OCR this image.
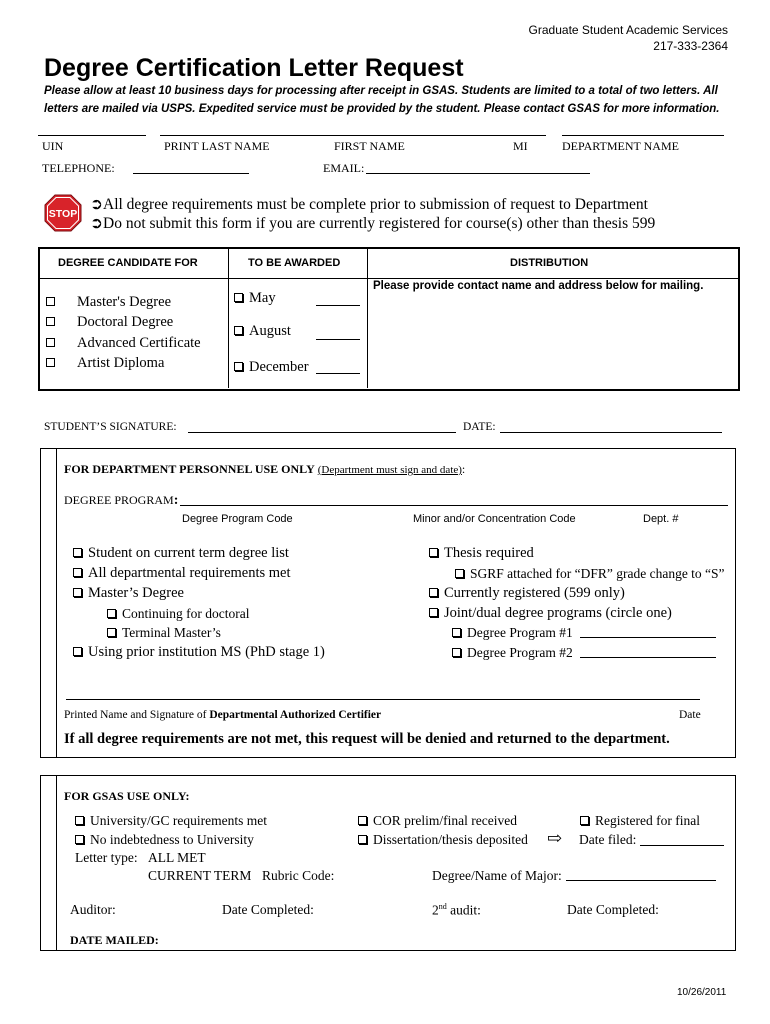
Graduate Student Academic Services
217-333-2364
Degree Certification Letter Request
Please allow at least 10 business days for processing after receipt in GSAS. Students are limited to a total of two letters. All letters are mailed via USPS. Expedited service must be provided by the student. Please contact GSAS for more information.
UIN	PRINT LAST NAME	FIRST NAME	MI	DEPARTMENT NAME
TELEPHONE:	EMAIL:
STOP
➲All degree requirements must be complete prior to submission of request to Department
➲Do not submit this form if you are currently registered for course(s) other than thesis 599
DEGREE CANDIDATE FOR	TO BE AWARDED	DISTRIBUTION
Master's Degree
Doctoral Degree
Advanced Certificate
Artist Diploma
May
August
December
Please provide contact name and address below for mailing.
STUDENT’S SIGNATURE:	DATE:
FOR DEPARTMENT PERSONNEL USE ONLY (Department must sign and date):
DEGREE PROGRAM:
Degree Program Code	Minor and/or Concentration Code	Dept. #
Student on current term degree list
All departmental requirements met
Master’s Degree
Continuing for doctoral
Terminal Master’s
Using prior institution MS (PhD stage 1)
Thesis required
SGRF attached for “DFR” grade change to “S”
Currently registered (599 only)
Joint/dual degree programs (circle one)
Degree Program #1
Degree Program #2
Printed Name and Signature of Departmental Authorized Certifier	Date
If all degree requirements are not met, this request will be denied and returned to the department.
FOR GSAS USE ONLY:
University/GC requirements met
No indebtedness to University
Letter type: ALL MET
CURRENT TERM Rubric Code:
COR prelim/final received
Dissertation/thesis deposited ⇨
Registered for final
Date filed:
Degree/Name of Major:
Auditor:	Date Completed:	2nd audit:	Date Completed:
DATE MAILED:
10/26/2011
